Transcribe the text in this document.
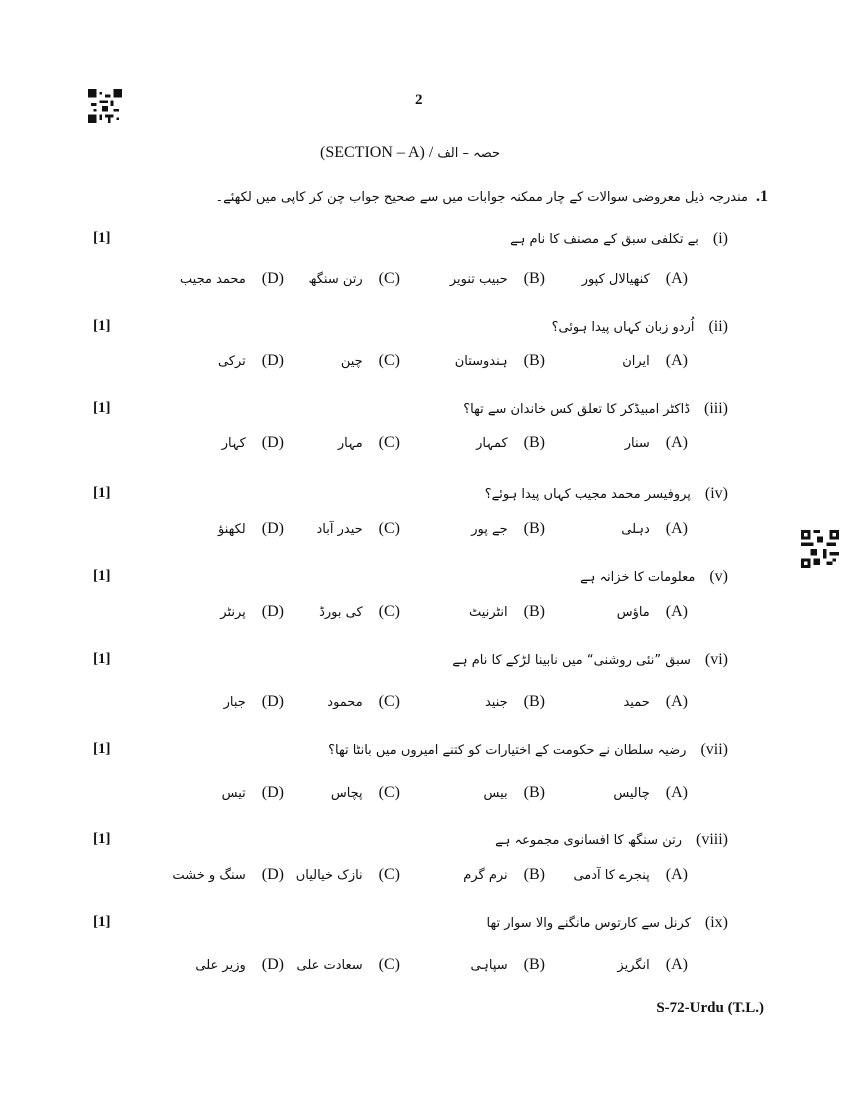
2
(SECTION – A) / حصہ – الف
1.مندرجہ ذیل معروضی سوالات کے چار ممکنہ جوابات میں سے صحیح جواب چن کر کاپی میں لکھئے۔
[1]	(i)بے تکلفی سبق کے مصنف کا نام ہے
(A)کنھیالال کپور
(B)حبیب تنویر
(C)رتن سنگھ
(D)محمد مجیب
[1]	(ii)اُردو زبان کہاں پیدا ہوئی؟
(A)ایران
(B)ہندوستان
(C)چین
(D)ترکی
[1]	(iii)ڈاکٹر امبیڈکر کا تعلق کس خاندان سے تھا؟
(A)سنار
(B)کمہار
(C)مہار
(D)کہار
[1]	(iv)پروفیسر محمد مجیب کہاں پیدا ہوئے؟
(A)دہلی
(B)جے پور
(C)حیدر آباد
(D)لکھنؤ
[1]	(v)معلومات کا خزانہ ہے
(A)ماؤس
(B)انٹرنیٹ
(C)کی بورڈ
(D)پرنٹر
[1]	(vi)سبق ”نئی روشنی“ میں نابینا لڑکے کا نام ہے
(A)حمید
(B)جنید
(C)محمود
(D)جبار
[1]	(vii)رضیہ سلطان نے حکومت کے اختیارات کو کتنے امیروں میں بانٹا تھا؟
(A)چالیس
(B)بیس
(C)پچاس
(D)تیس
[1]	(viii)رتن سنگھ کا افسانوی مجموعہ ہے
(A)پنجرے کا آدمی
(B)نرم گرم
(C)نازک خیالیاں
(D)سنگ و خشت
[1]	(ix)کرنل سے کارتوس مانگنے والا سوار تھا
(A)انگریز
(B)سپاہی
(C)سعادت علی
(D)وزیر علی
S-72-Urdu (T.L.)
